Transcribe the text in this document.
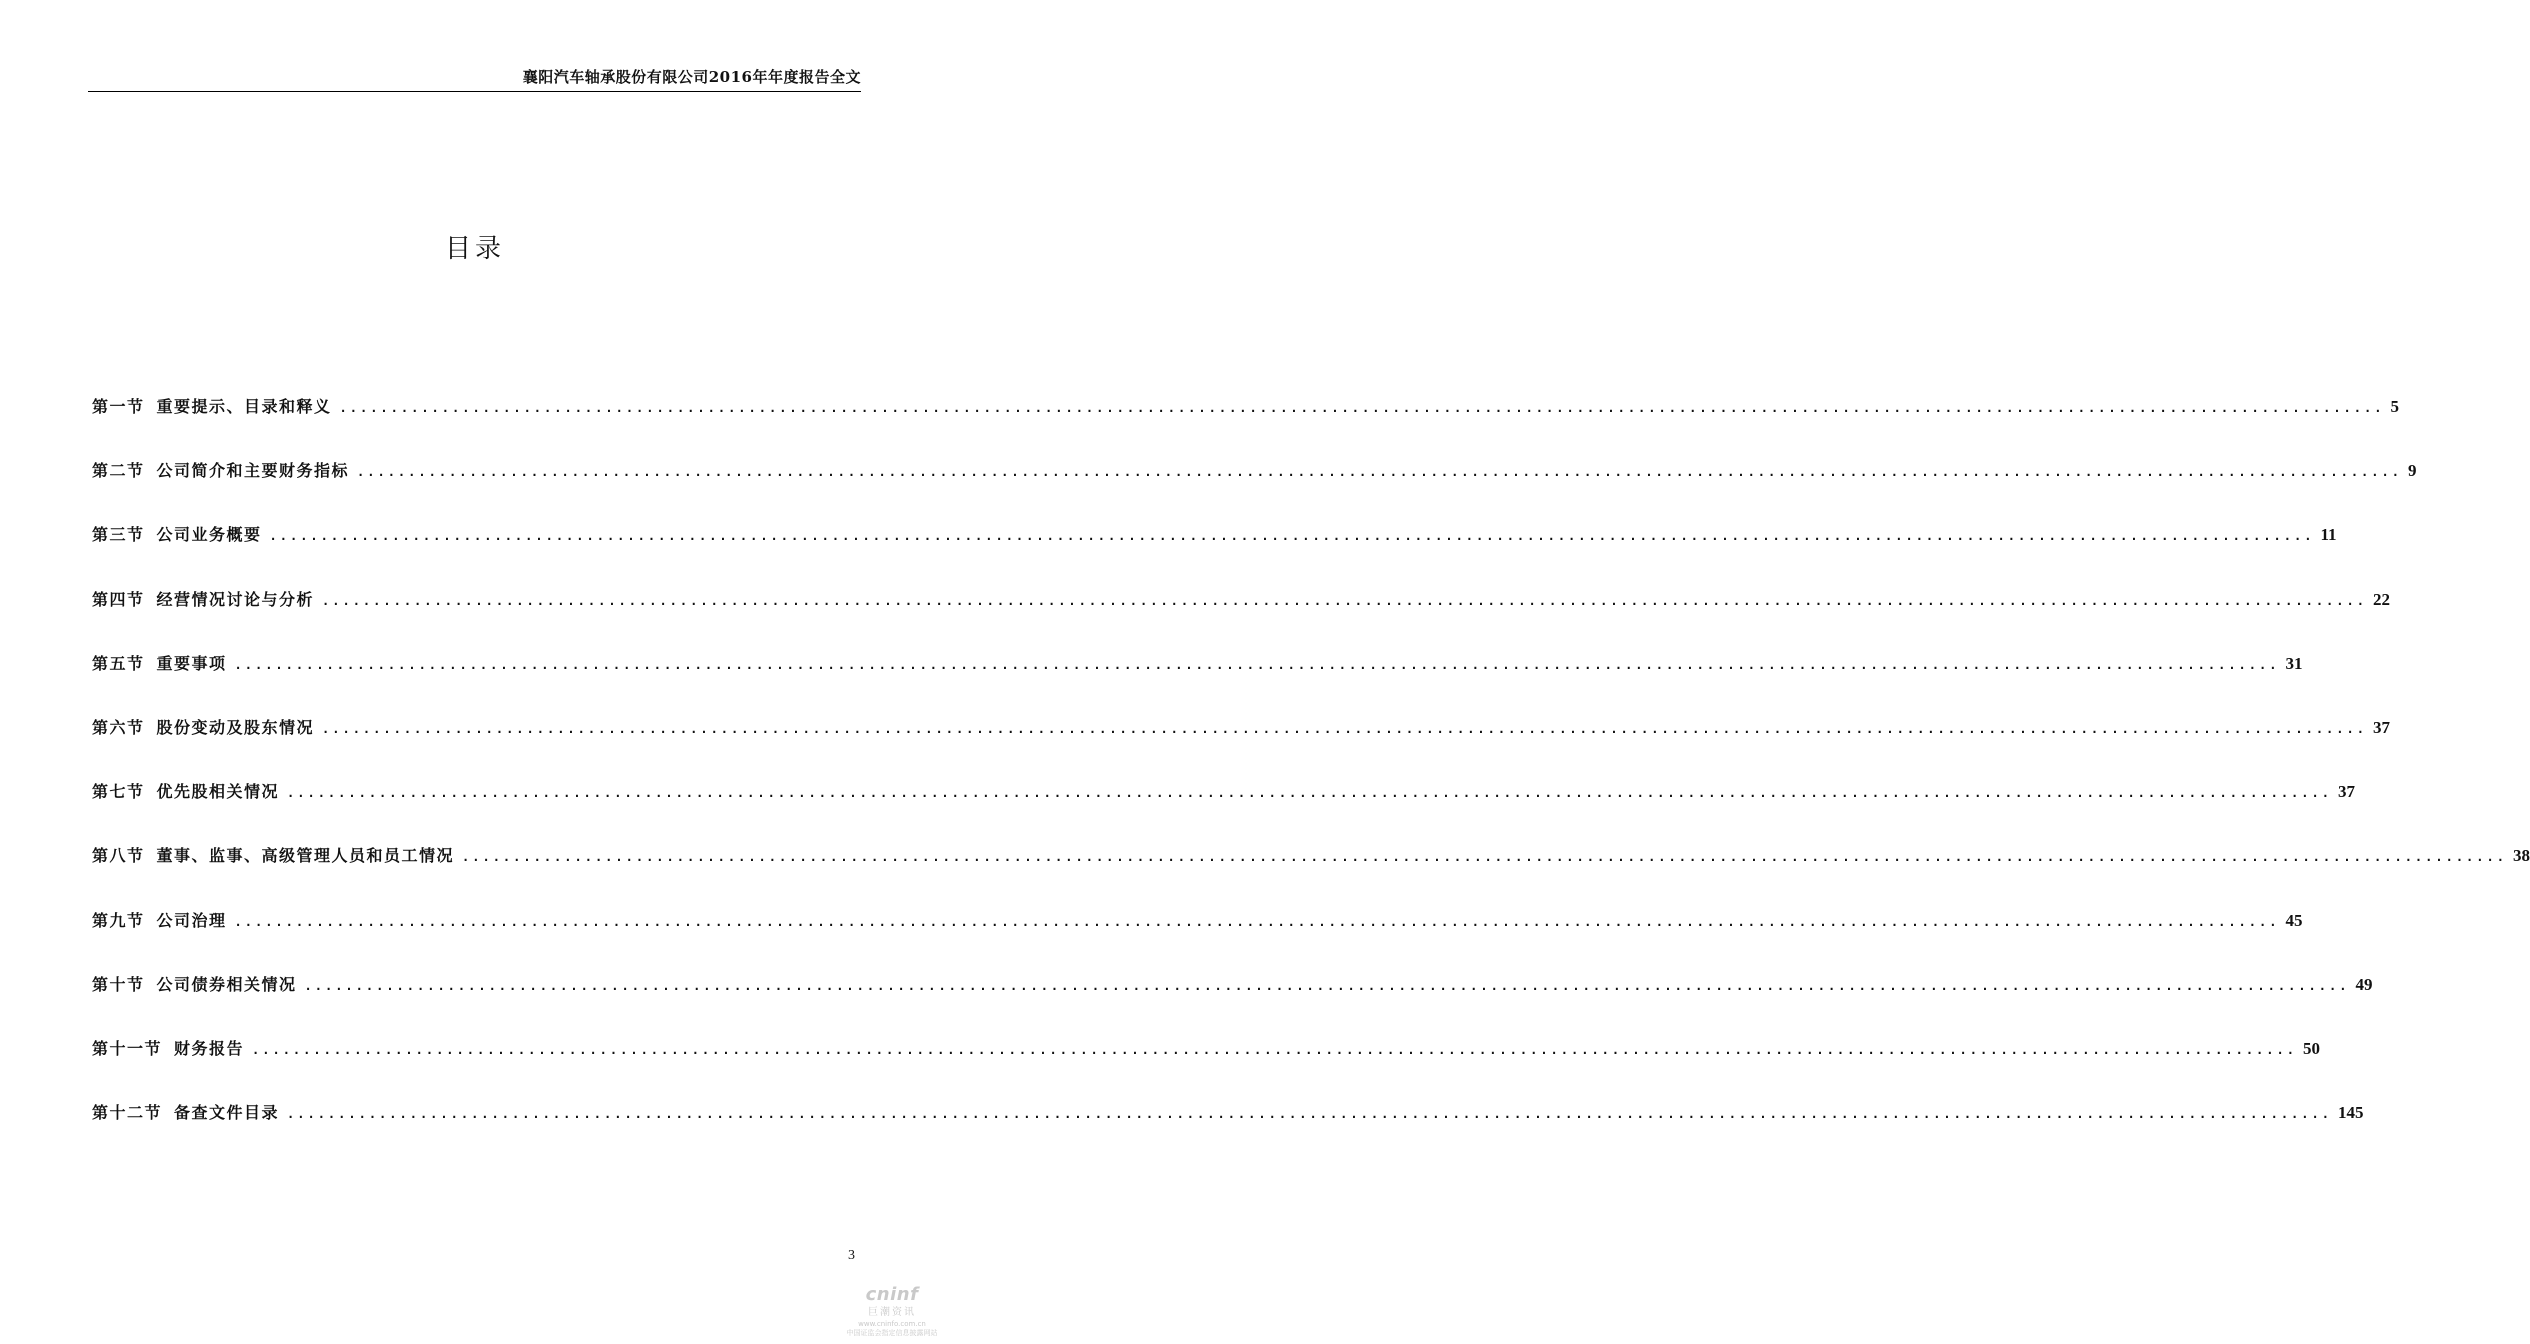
襄阳汽车轴承股份有限公司2016年年度报告全文
目录
第一节 重要提示、目录和释义 ........................................................................................................................................................................................................ 5
第二节 公司简介和主要财务指标 ........................................................................................................................................................................................................ 9
第三节 公司业务概要 ........................................................................................................................................................................................................ 11
第四节 经营情况讨论与分析 ........................................................................................................................................................................................................ 22
第五节 重要事项 ........................................................................................................................................................................................................ 31
第六节 股份变动及股东情况 ........................................................................................................................................................................................................ 37
第七节 优先股相关情况 ........................................................................................................................................................................................................ 37
第八节 董事、监事、高级管理人员和员工情况 ........................................................................................................................................................................................................ 38
第九节 公司治理 ........................................................................................................................................................................................................ 45
第十节 公司债券相关情况 ........................................................................................................................................................................................................ 49
第十一节 财务报告 ........................................................................................................................................................................................................ 50
第十二节 备查文件目录 ........................................................................................................................................................................................................ 145
3
cninf
巨潮资讯
www.cninfo.com.cn
中国证监会指定信息披露网站
